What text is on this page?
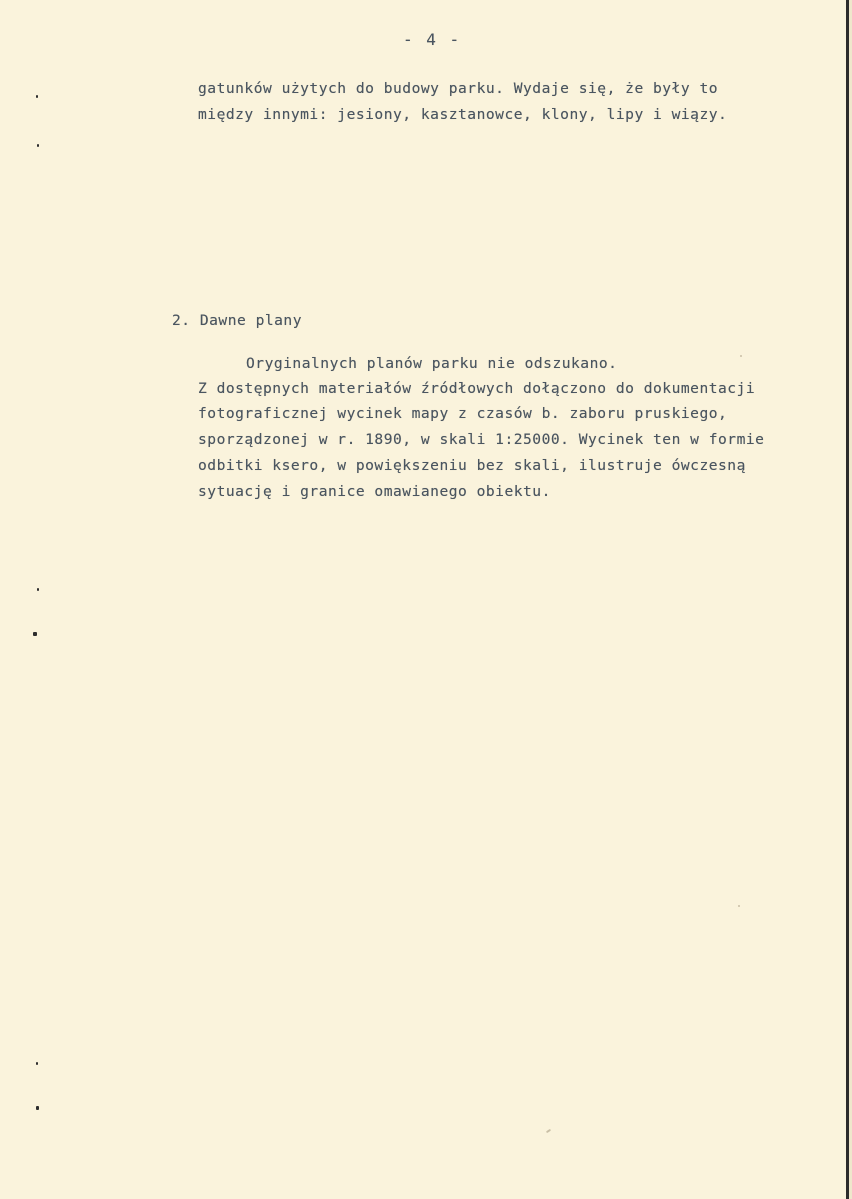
- 4 -
gatunków użytych do budowy parku. Wydaje się, że były to
między innymi: jesiony, kasztanowce, klony, lipy i wiązy.
2. Dawne plany
Oryginalnych planów parku nie odszukano.
Z dostępnych materiałów źródłowych dołączono do dokumentacji
fotograficznej wycinek mapy z czasów b. zaboru pruskiego,
sporządzonej w r. 1890, w skali 1:25000. Wycinek ten w formie
odbitki ksero, w powiększeniu bez skali, ilustruje ówczesną
sytuację i granice omawianego obiektu.
